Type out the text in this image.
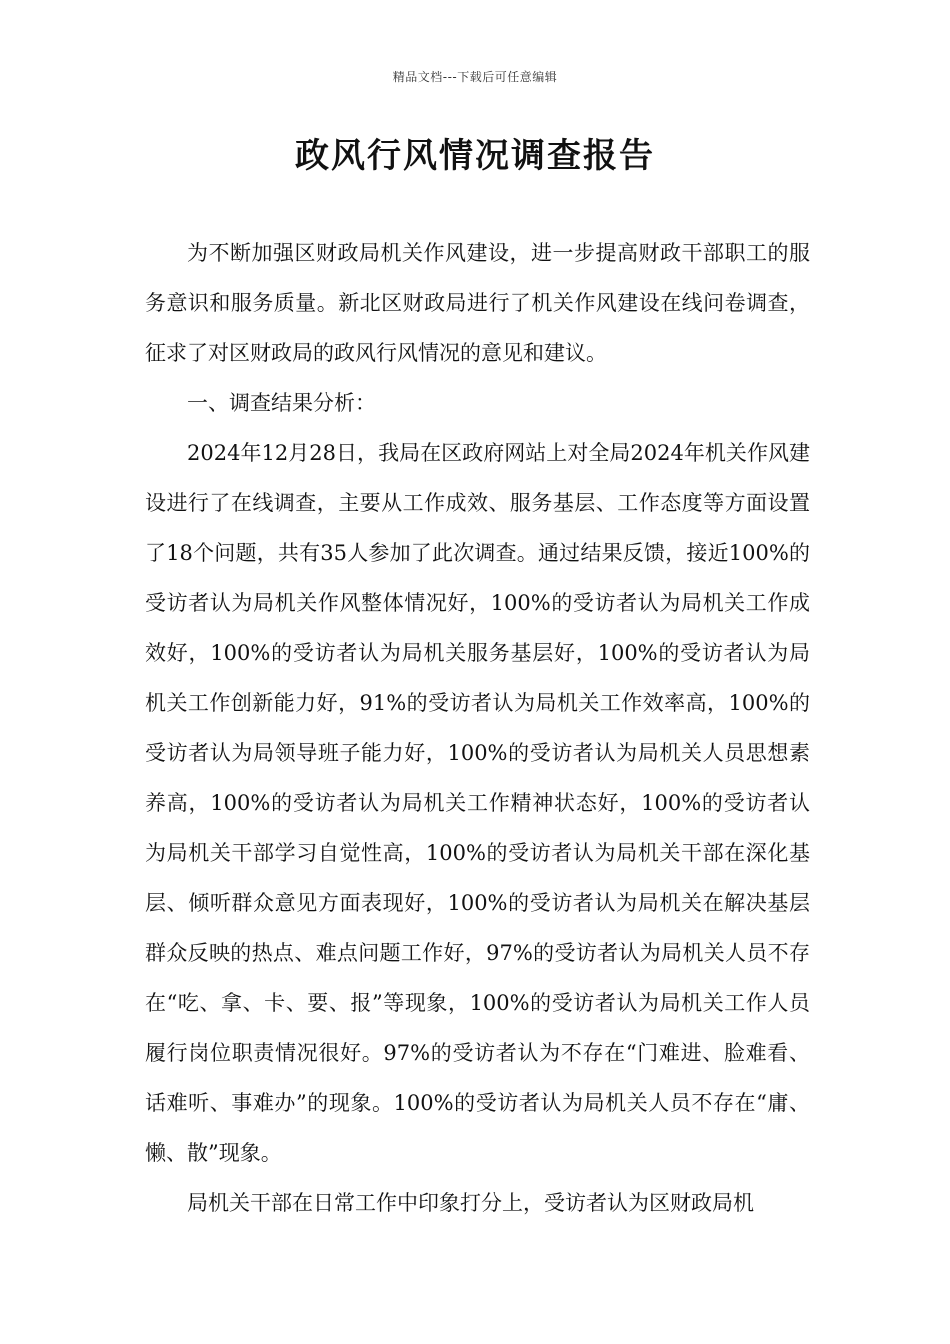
精品文档---下载后可任意编辑
政风行风情况调查报告

为不断加强区财政局机关作风建设，进一步提高财政干部职工的服务意识和服务质量。新北区财政局进行了机关作风建设在线问卷调查，征求了对区财政局的政风行风情况的意见和建议。

一、调查结果分析：

2024年12月28日，我局在区政府网站上对全局2024年机关作风建设进行了在线调查，主要从工作成效、服务基层、工作态度等方面设置了18个问题，共有35人参加了此次调查。通过结果反馈，接近100%的受访者认为局机关作风整体情况好，100%的受访者认为局机关工作成效好，100%的受访者认为局机关服务基层好，100%的受访者认为局机关工作创新能力好，91%的受访者认为局机关工作效率高，100%的受访者认为局领导班子能力好，100%的受访者认为局机关人员思想素养高，100%的受访者认为局机关工作精神状态好，100%的受访者认为局机关干部学习自觉性高，100%的受访者认为局机关干部在深化基层、倾听群众意见方面表现好，100%的受访者认为局机关在解决基层群众反映的热点、难点问题工作好，97%的受访者认为局机关人员不存在“吃、拿、卡、要、报”等现象，100%的受访者认为局机关工作人员履行岗位职责情况很好。97%的受访者认为不存在“门难进、脸难看、话难听、事难办”的现象。100%的受访者认为局机关人员不存在“庸、懒、散”现象。

局机关干部在日常工作中印象打分上，受访者认为区财政局机
